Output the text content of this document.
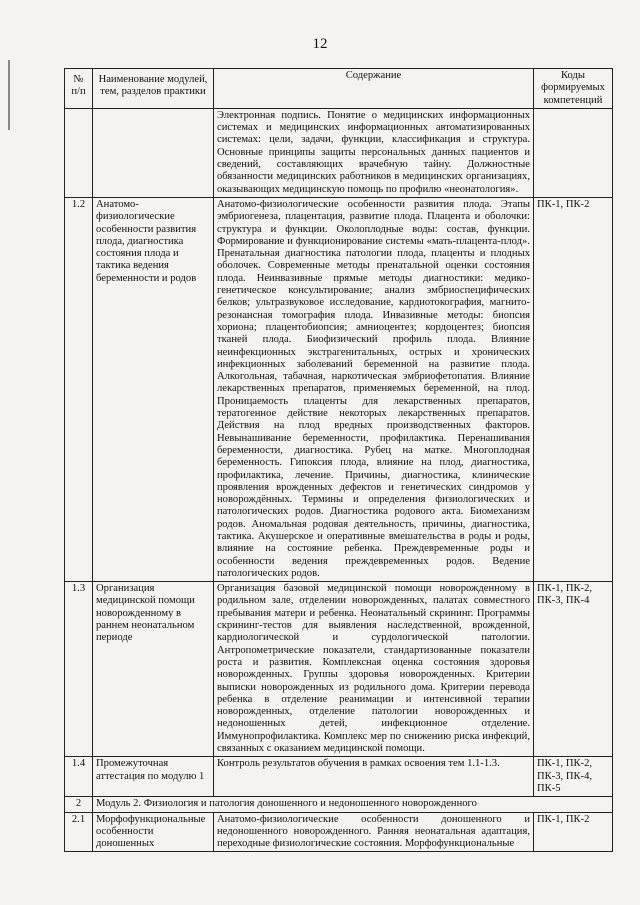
12
№ п/п	Наименование модулей, тем, разделов практики	Содержание	Коды формируемых компетенций
		Электронная подпись. Понятие о медицинских информационных системах и медицинских информационных автоматизированных системах: цели, задачи, функции, классификация и структура. Основные принципы защиты персональных данных пациентов и сведений, составляющих врачебную тайну. Должностные обязанности медицинских работников в медицинских организациях, оказывающих медицинскую помощь по профилю «неонатология».	
1.2	Анатомо-физиологические особенности развития плода, диагностика состояния плода и тактика ведения беременности и родов	Анатомо-физиологические особенности развития плода. Этапы эмбриогенеза, плацентация, развитие плода. Плацента и оболочки: структура и функции. Околоплодные воды: состав, функции. Формирование и функционирование системы «мать-плацента-плод». Пренатальная диагностика патологии плода, плаценты и плодных оболочек. Современные методы пренатальной оценки состояния плода. Неинвазивные прямые методы диагностики: медико-генетическое консультирование; анализ эмбриоспецифических белков; ультразвуковое исследование, кардиотокография, магнито-резонансная томография плода. Инвазивные методы: биопсия хориона; плацентобиопсия; амниоцентез; кордоцентез; биопсия тканей плода. Биофизический профиль плода. Влияние неинфекционных экстрагенитальных, острых и хронических инфекционных заболеваний беременной на развитие плода. Алкогольная, табачная, наркотическая эмбриофетопатия. Влияние лекарственных препаратов, применяемых беременной, на плод. Проницаемость плаценты для лекарственных препаратов, тератогенное действие некоторых лекарственных препаратов. Действия на плод вредных производственных факторов. Невынашивание беременности, профилактика. Перенашивания беременности, диагностика. Рубец на матке. Многоплодная беременность. Гипоксия плода, влияние на плод, диагностика, профилактика, лечение. Причины, диагностика, клинические проявления врожденных дефектов и генетических синдромов у новорождённых. Термины и определения физиологических и патологических родов. Диагностика родового акта. Биомеханизм родов. Аномальная родовая деятельность, причины, диагностика, тактика. Акушерское и оперативные вмешательства в роды и роды, влияние на состояние ребенка. Преждевременные роды и особенности ведения преждевременных родов. Ведение патологических родов.	ПК-1, ПК-2
1.3	Организация медицинской помощи новорожденному в раннем неонатальном периоде	Организация базовой медицинской помощи новорожденному в родильном зале, отделении новорожденных, палатах совместного пребывания матери и ребенка. Неонатальный скрининг. Программы скрининг-тестов для выявления наследственной, врожденной, кардиологической и сурдологической патологии. Антропометрические показатели, стандартизованные показатели роста и развития. Комплексная оценка состояния здоровья новорожденных. Группы здоровья новорожденных. Критерии выписки новорожденных из родильного дома. Критерии перевода ребенка в отделение реанимации и интенсивной терапии новорожденных, отделение патологии новорожденных и недоношенных детей, инфекционное отделение. Иммунопрофилактика. Комплекс мер по снижению риска инфекций, связанных с оказанием медицинской помощи.	ПК-1, ПК-2, ПК-3, ПК-4
1.4	Промежуточная аттестация по модулю 1	Контроль результатов обучения в рамках освоения тем 1.1-1.3.	ПК-1, ПК-2, ПК-3, ПК-4, ПК-5
2	Модуль 2. Физиология и патология доношенного и недоношенного новорожденного		
2.1	Морфофункциональные особенности доношенных	Анатомо-физиологические особенности доношенного и недоношенного новорожденного. Ранняя неонатальная адаптация, переходные физиологические состояния. Морфофункциональные	ПК-1, ПК-2
